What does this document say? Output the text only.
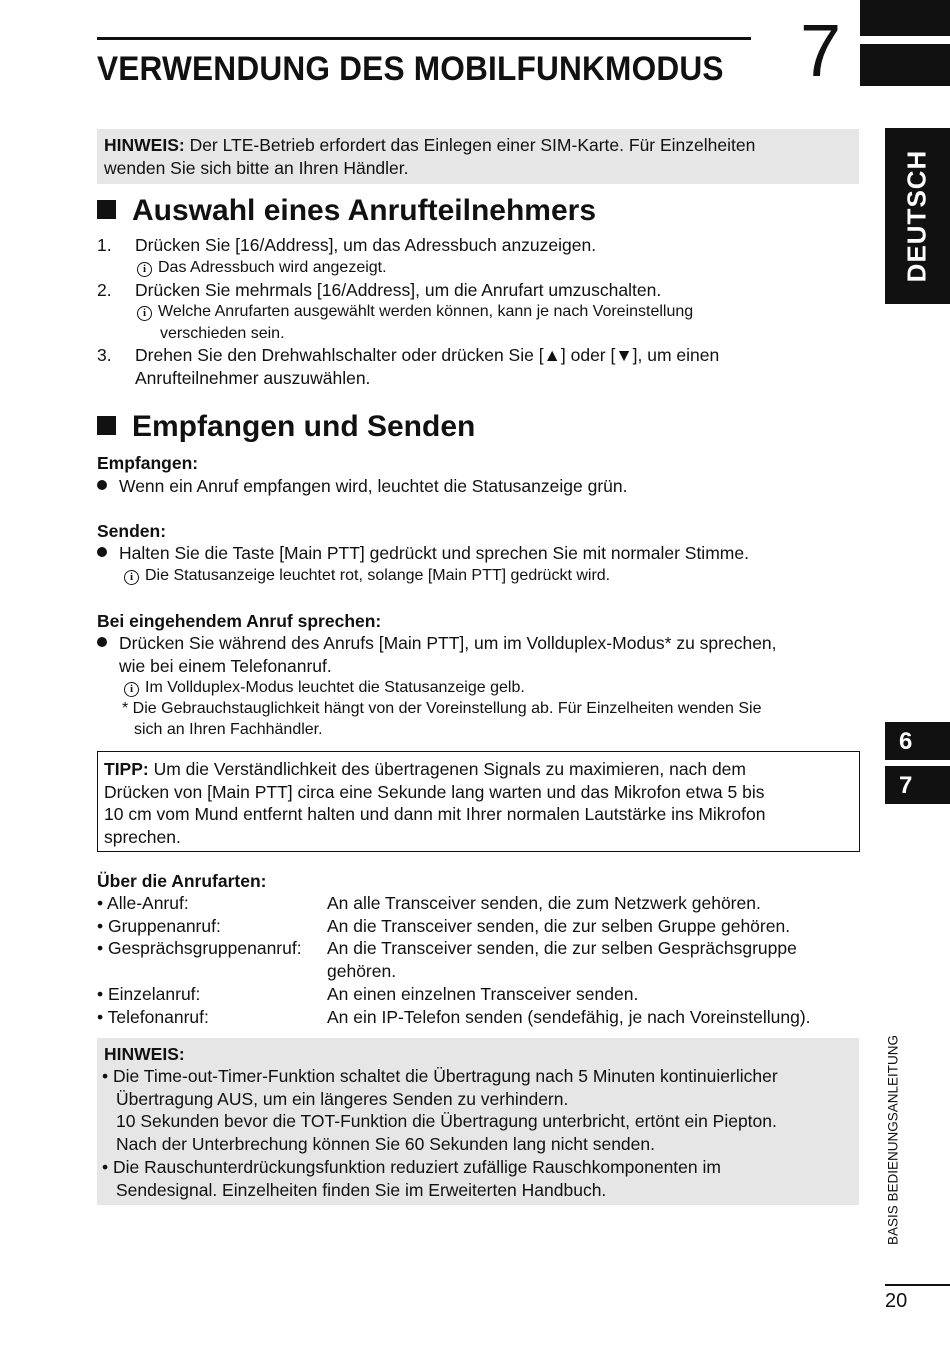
VERWENDUNG DES MOBILFUNKMODUS 7
DEUTSCH
HINWEIS: Der LTE-Betrieb erfordert das Einlegen einer SIM-Karte. Für Einzelheiten
wenden Sie sich bitte an Ihren Händler.
Auswahl eines Anrufteilnehmers
1. Drücken Sie [16/Address], um das Adressbuch anzuzeigen.
i Das Adressbuch wird angezeigt.
2. Drücken Sie mehrmals [16/Address], um die Anrufart umzuschalten.
i Welche Anrufarten ausgewählt werden können, kann je nach Voreinstellung
verschieden sein.
3. Drehen Sie den Drehwahlschalter oder drücken Sie [▲] oder [▼], um einen
Anrufteilnehmer auszuwählen.
Empfangen und Senden
Empfangen:
Wenn ein Anruf empfangen wird, leuchtet die Statusanzeige grün.
Senden:
Halten Sie die Taste [Main PTT] gedrückt und sprechen Sie mit normaler Stimme.
i Die Statusanzeige leuchtet rot, solange [Main PTT] gedrückt wird.
Bei eingehendem Anruf sprechen:
Drücken Sie während des Anrufs [Main PTT], um im Vollduplex-Modus* zu sprechen,
wie bei einem Telefonanruf.
i Im Vollduplex-Modus leuchtet die Statusanzeige gelb.
* Die Gebrauchstauglichkeit hängt von der Voreinstellung ab. Für Einzelheiten wenden Sie
sich an Ihren Fachhändler.
TIPP: Um die Verständlichkeit des übertragenen Signals zu maximieren, nach dem
Drücken von [Main PTT] circa eine Sekunde lang warten und das Mikrofon etwa 5 bis
10 cm vom Mund entfernt halten und dann mit Ihrer normalen Lautstärke ins Mikrofon
sprechen.
Über die Anrufarten:
• Alle-Anruf:	An alle Transceiver senden, die zum Netzwerk gehören.
• Gruppenanruf:	An die Transceiver senden, die zur selben Gruppe gehören.
• Gesprächsgruppenanruf: An die Transceiver senden, die zur selben Gesprächsgruppe
gehören.
• Einzelanruf:	An einen einzelnen Transceiver senden.
• Telefonanruf:	An ein IP-Telefon senden (sendefähig, je nach Voreinstellung).
HINWEIS:
• Die Time-out-Timer-Funktion schaltet die Übertragung nach 5 Minuten kontinuierlicher
Übertragung AUS, um ein längeres Senden zu verhindern.
10 Sekunden bevor die TOT-Funktion die Übertragung unterbricht, ertönt ein Piepton.
Nach der Unterbrechung können Sie 60 Sekunden lang nicht senden.
• Die Rauschunterdrückungsfunktion reduziert zufällige Rauschkomponenten im
Sendesignal. Einzelheiten finden Sie im Erweiterten Handbuch.
6
7
BASIS BEDIENUNGSANLEITUNG
20
